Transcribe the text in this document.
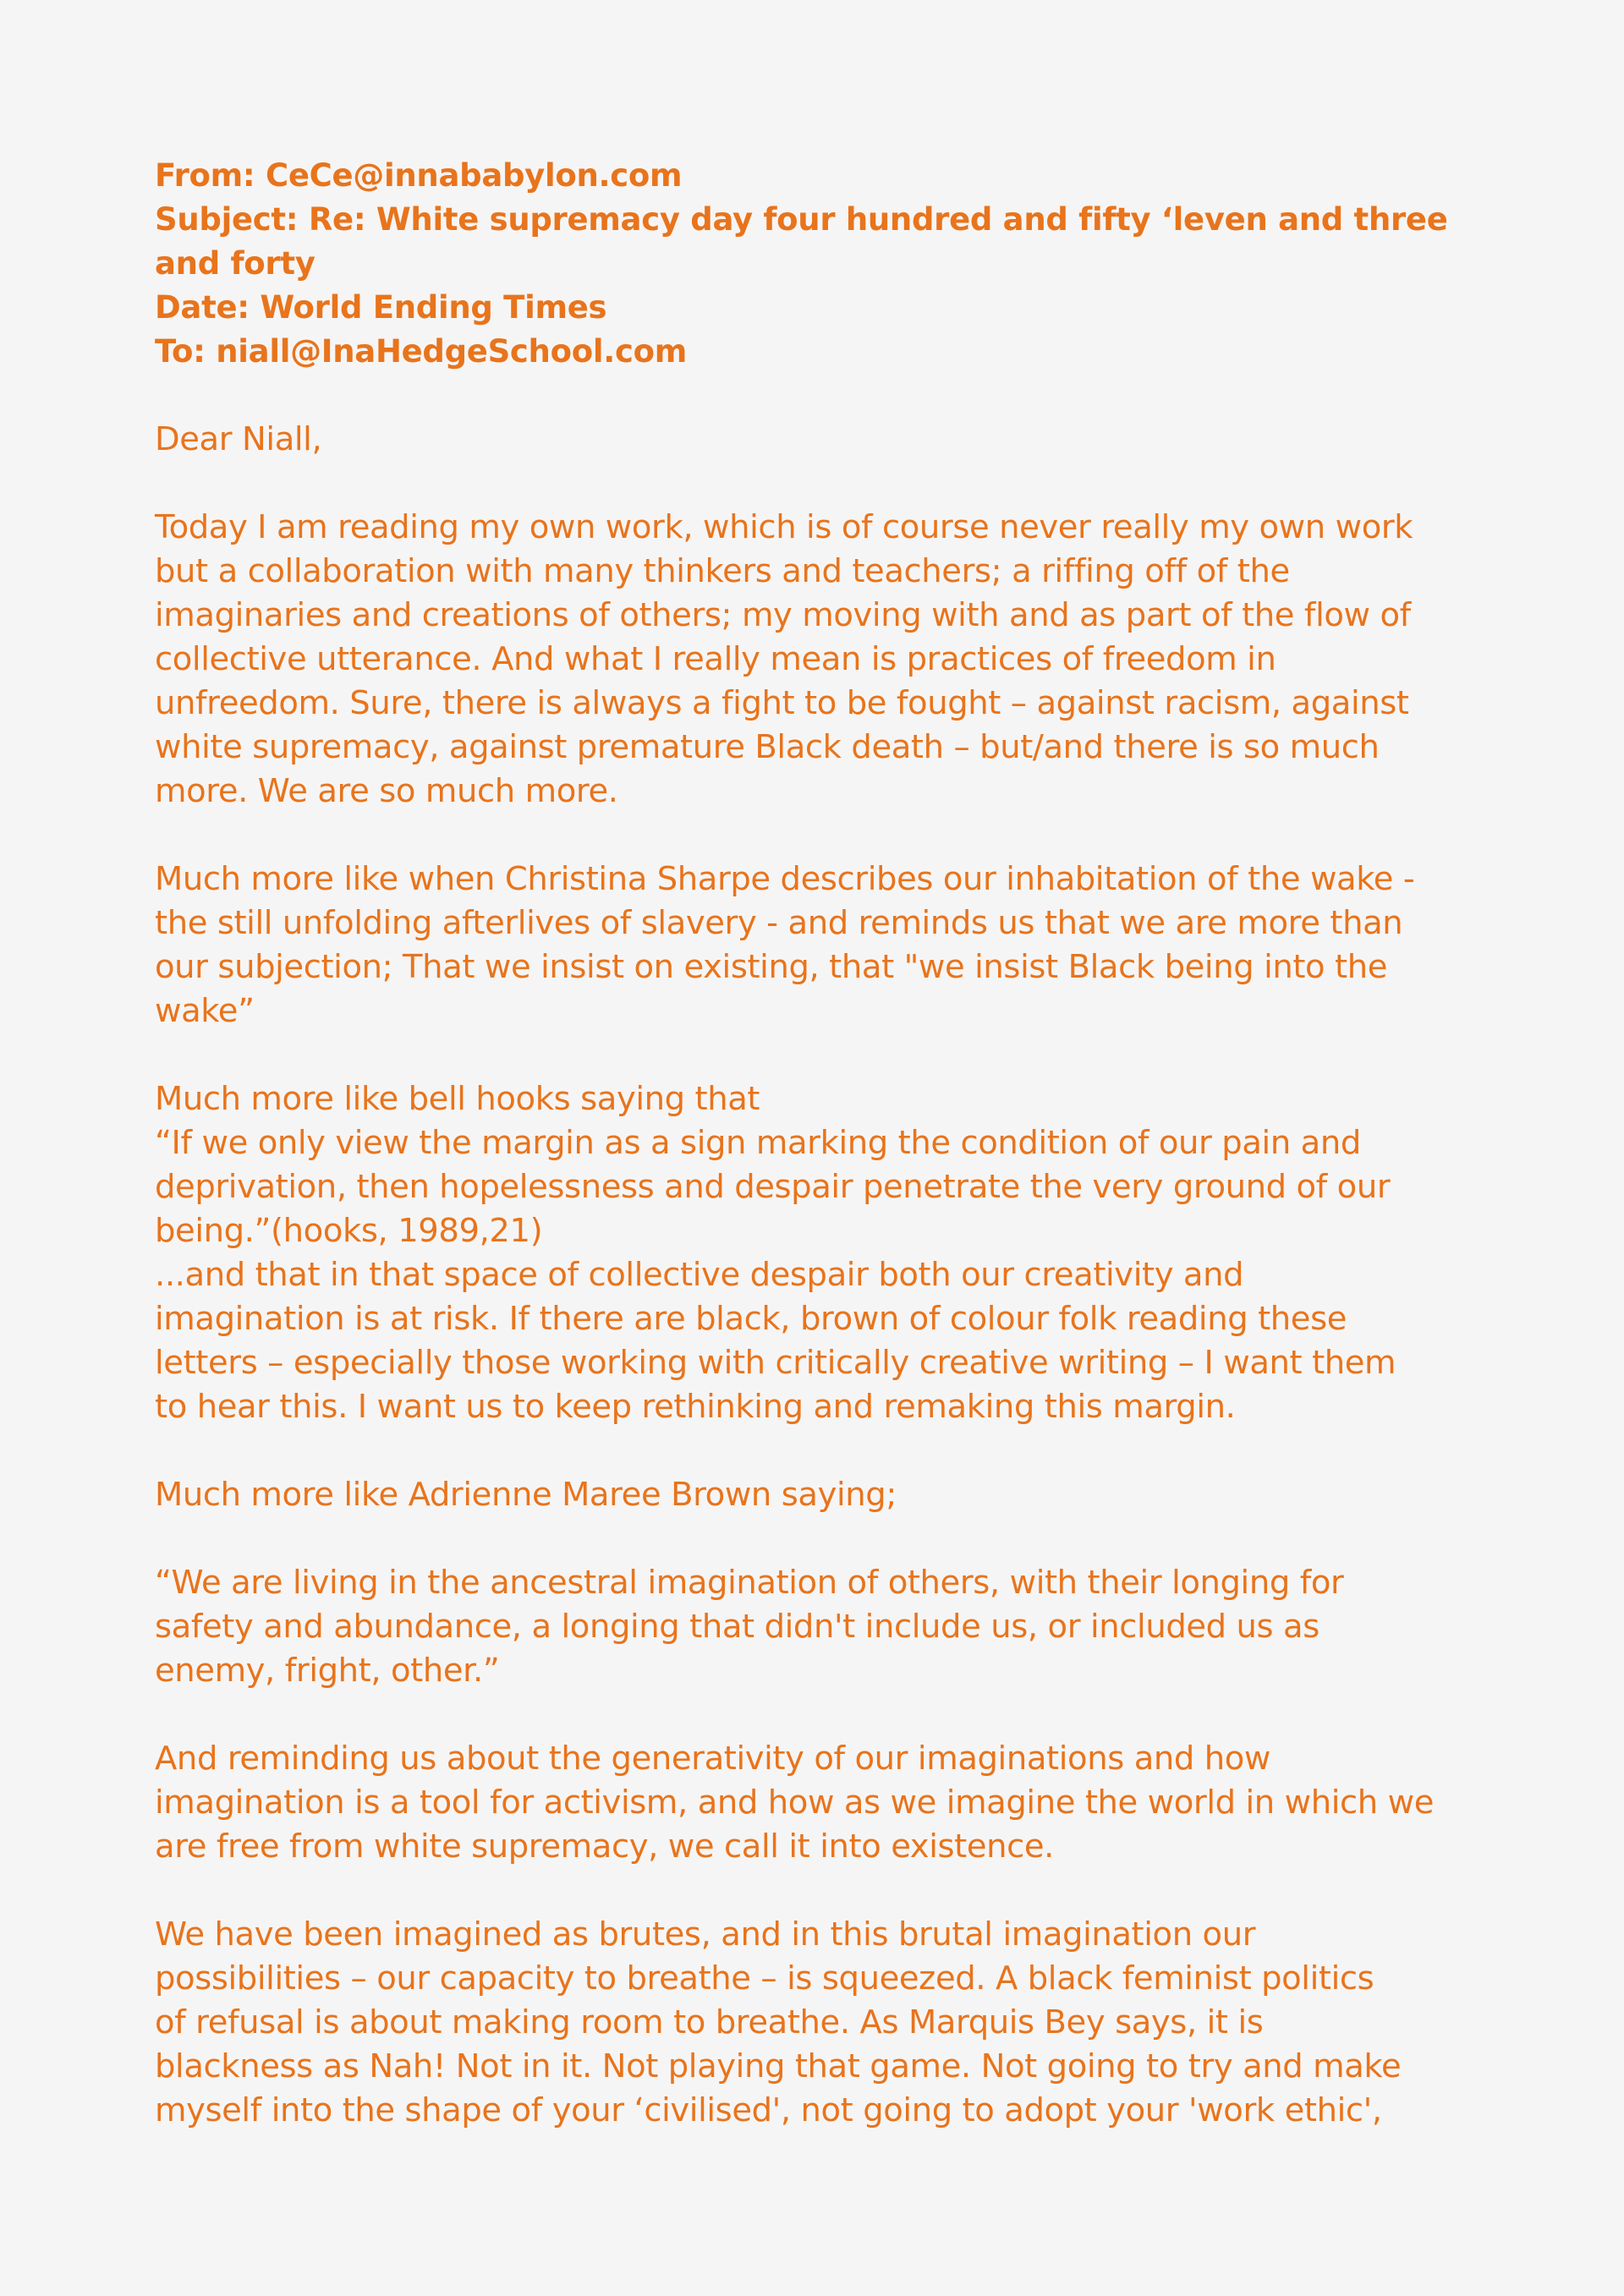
From: CeCe@innababylon.com
Subject: Re: White supremacy day four hundred and fifty ‘leven and three
and forty
Date: World Ending Times
To: niall@InaHedgeSchool.com

Dear Niall,

Today I am reading my own work, which is of course never really my own work
but a collaboration with many thinkers and teachers; a riffing off of the
imaginaries and creations of others; my moving with and as part of the flow of
collective utterance. And what I really mean is practices of freedom in
unfreedom. Sure, there is always a fight to be fought – against racism, against
white supremacy, against premature Black death – but/and there is so much
more. We are so much more.

Much more like when Christina Sharpe describes our inhabitation of the wake -
the still unfolding afterlives of slavery - and reminds us that we are more than
our subjection; That we insist on existing, that "we insist Black being into the
wake”

Much more like bell hooks saying that
“If we only view the margin as a sign marking the condition of our pain and
deprivation, then hopelessness and despair penetrate the very ground of our
being.”(hooks, 1989,21)
...and that in that space of collective despair both our creativity and
imagination is at risk. If there are black, brown of colour folk reading these
letters – especially those working with critically creative writing – I want them
to hear this. I want us to keep rethinking and remaking this margin.

Much more like Adrienne Maree Brown saying;

“We are living in the ancestral imagination of others, with their longing for
safety and abundance, a longing that didn't include us, or included us as
enemy, fright, other.”

And reminding us about the generativity of our imaginations and how
imagination is a tool for activism, and how as we imagine the world in which we
are free from white supremacy, we call it into existence.

We have been imagined as brutes, and in this brutal imagination our
possibilities – our capacity to breathe – is squeezed. A black feminist politics
of refusal is about making room to breathe. As Marquis Bey says, it is
blackness as Nah! Not in it. Not playing that game. Not going to try and make
myself into the shape of your ‘civilised', not going to adopt your 'work ethic',
